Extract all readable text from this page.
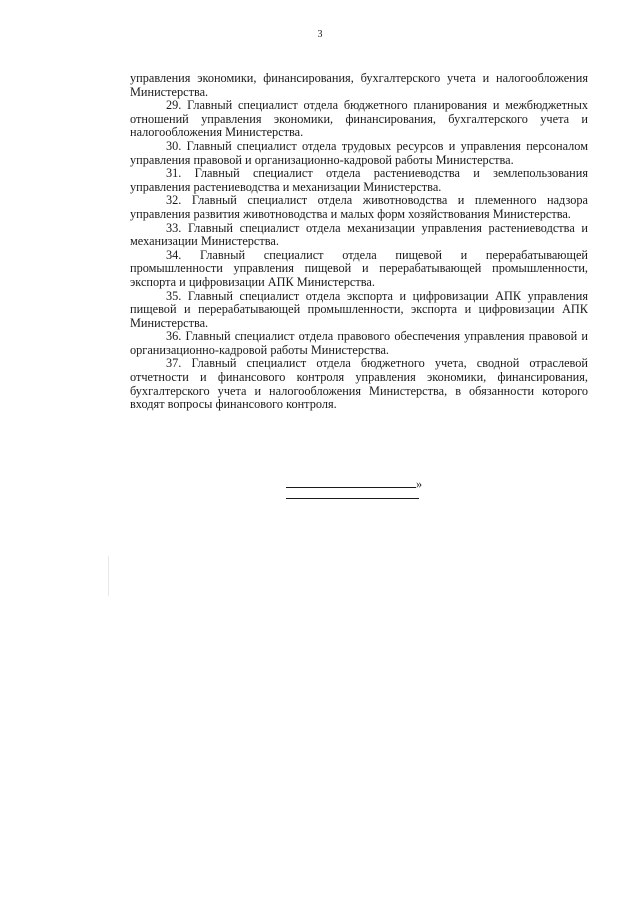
3

управления экономики, финансирования, бухгалтерского учета и налогообложения Министерства.

29. Главный специалист отдела бюджетного планирования и межбюджетных отношений управления экономики, финансирования, бухгалтерского учета и налогообложения Министерства.

30. Главный специалист отдела трудовых ресурсов и управления персоналом управления правовой и организационно-кадровой работы Министерства.

31. Главный специалист отдела растениеводства и землепользования управления растениеводства и механизации Министерства.

32. Главный специалист отдела животноводства и племенного надзора управления развития животноводства и малых форм хозяйствования Министерства.

33. Главный специалист отдела механизации управления растениеводства и механизации Министерства.

34. Главный специалист отдела пищевой и перерабатывающей промышленности управления пищевой и перерабатывающей промышленности, экспорта и цифровизации АПК Министерства.

35. Главный специалист отдела экспорта и цифровизации АПК управления пищевой и перерабатывающей промышленности, экспорта и цифровизации АПК Министерства.

36. Главный специалист отдела правового обеспечения управления правовой и организационно-кадровой работы Министерства.

37. Главный специалист отдела бюджетного учета, сводной отраслевой отчетности и финансового контроля управления экономики, финансирования, бухгалтерского учета и налогообложения Министерства, в обязанности которого входят вопросы финансового контроля.

»
